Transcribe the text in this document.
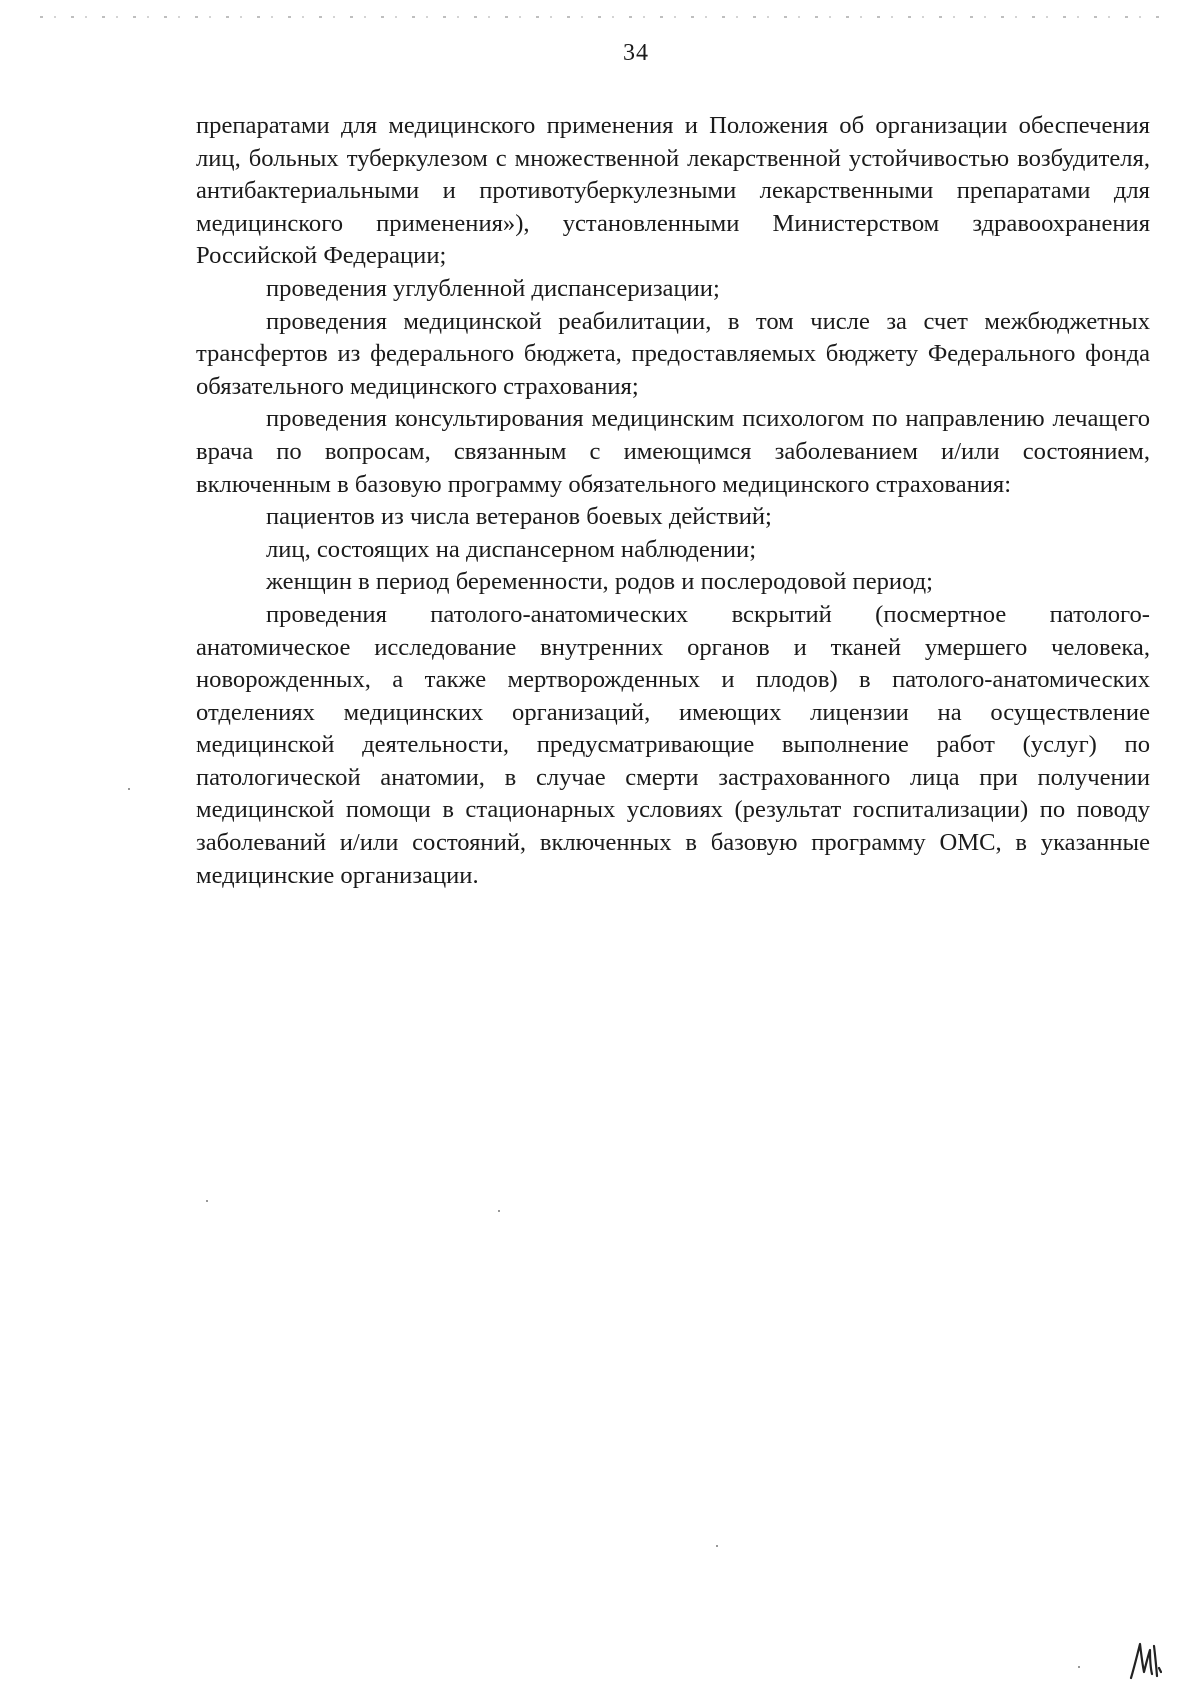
34

препаратами для медицинского применения и Положения об организации обеспечения лиц, больных туберкулезом с множественной лекарственной устойчивостью возбудителя, антибактериальными и противотуберкулезными лекарственными препаратами для медицинского применения»), установленными Министерством здравоохранения Российской Федерации;

проведения углубленной диспансеризации;

проведения медицинской реабилитации, в том числе за счет межбюджетных трансфертов из федерального бюджета, предоставляемых бюджету Федерального фонда обязательного медицинского страхования;

проведения консультирования медицинским психологом по направлению лечащего врача по вопросам, связанным с имеющимся заболеванием и/или состоянием, включенным в базовую программу обязательного медицинского страхования:

пациентов из числа ветеранов боевых действий;

лиц, состоящих на диспансерном наблюдении;

женщин в период беременности, родов и послеродовой период;

проведения патолого-анатомических вскрытий (посмертное патолого-анатомическое исследование внутренних органов и тканей умершего человека, новорожденных, а также мертворожденных и плодов) в патолого-анатомических отделениях медицинских организаций, имеющих лицензии на осуществление медицинской деятельности, предусматривающие выполнение работ (услуг) по патологической анатомии, в случае смерти застрахованного лица при получении медицинской помощи в стационарных условиях (результат госпитализации) по поводу заболеваний и/или состояний, включенных в базовую программу ОМС, в указанные медицинские организации.
